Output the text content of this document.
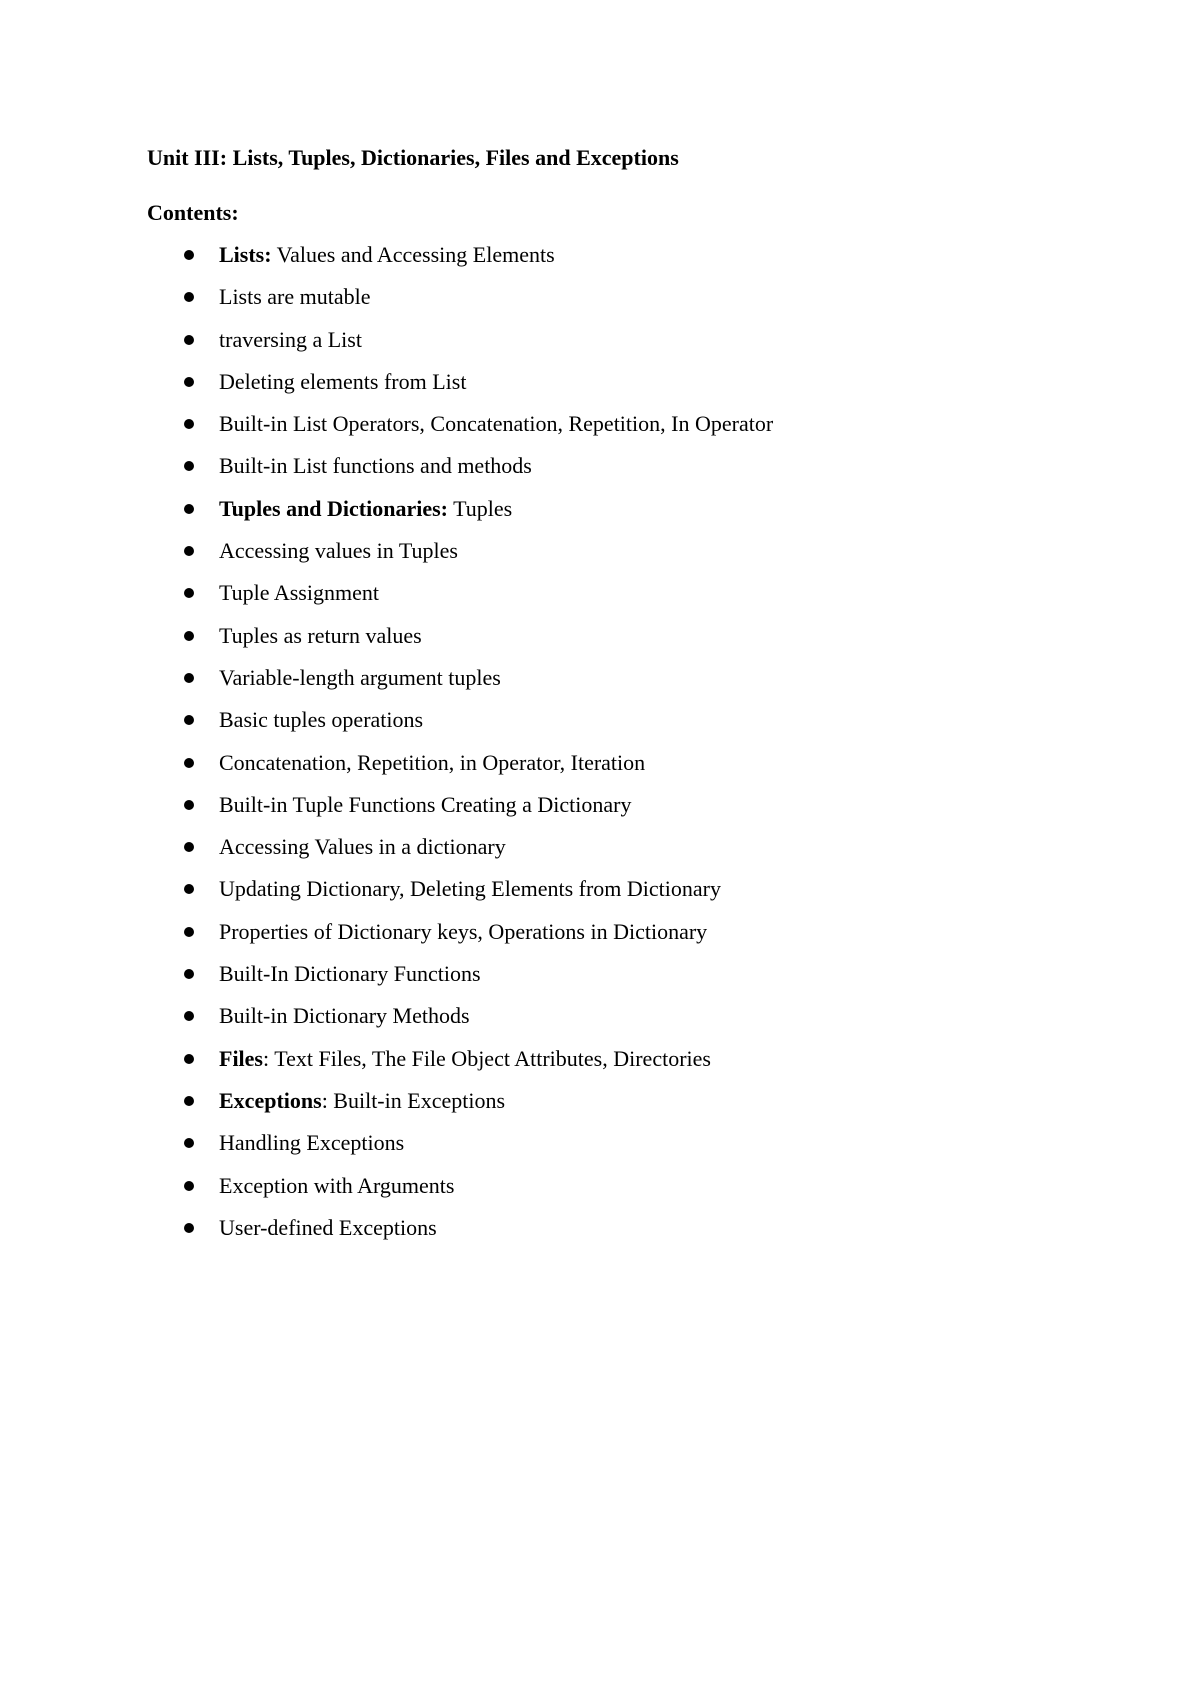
Unit III: Lists, Tuples, Dictionaries, Files and Exceptions

Contents:

Lists: Values and Accessing Elements
Lists are mutable
traversing a List
Deleting elements from List
Built-in List Operators, Concatenation, Repetition, In Operator
Built-in List functions and methods
Tuples and Dictionaries: Tuples
Accessing values in Tuples
Tuple Assignment
Tuples as return values
Variable-length argument tuples
Basic tuples operations
Concatenation, Repetition, in Operator, Iteration
Built-in Tuple Functions Creating a Dictionary
Accessing Values in a dictionary
Updating Dictionary, Deleting Elements from Dictionary
Properties of Dictionary keys, Operations in Dictionary
Built-In Dictionary Functions
Built-in Dictionary Methods
Files: Text Files, The File Object Attributes, Directories
Exceptions: Built-in Exceptions
Handling Exceptions
Exception with Arguments
User-defined Exceptions
